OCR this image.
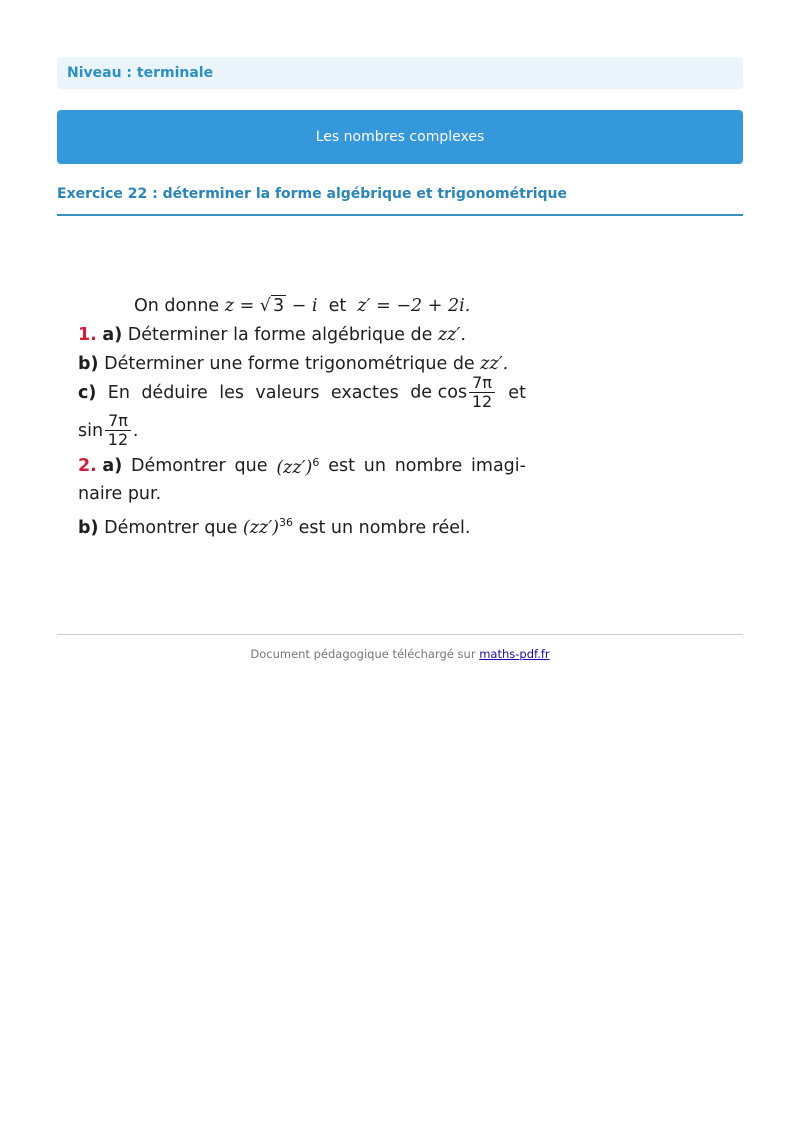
Niveau : terminale
Les nombres complexes
Exercice 22 : déterminer la forme algébrique et trigonométrique
On donne z = √ 3 − i et z′ = −2 + 2i.
1. a) Déterminer la forme algébrique de zz′.
b) Déterminer une forme trigonométrique de zz′.
c) En déduire les valeurs exactes de $\cos \frac{7\pi}{12}$ et
$\sin \frac{7\pi}{12}$ .
2. a) Démontrer que $(zz')^6$ est un nombre imagi-
naire pur.
b) Démontrer que $(zz')^{36}$ est un nombre réel.
Document pédagogique téléchargé sur maths-pdf.fr
